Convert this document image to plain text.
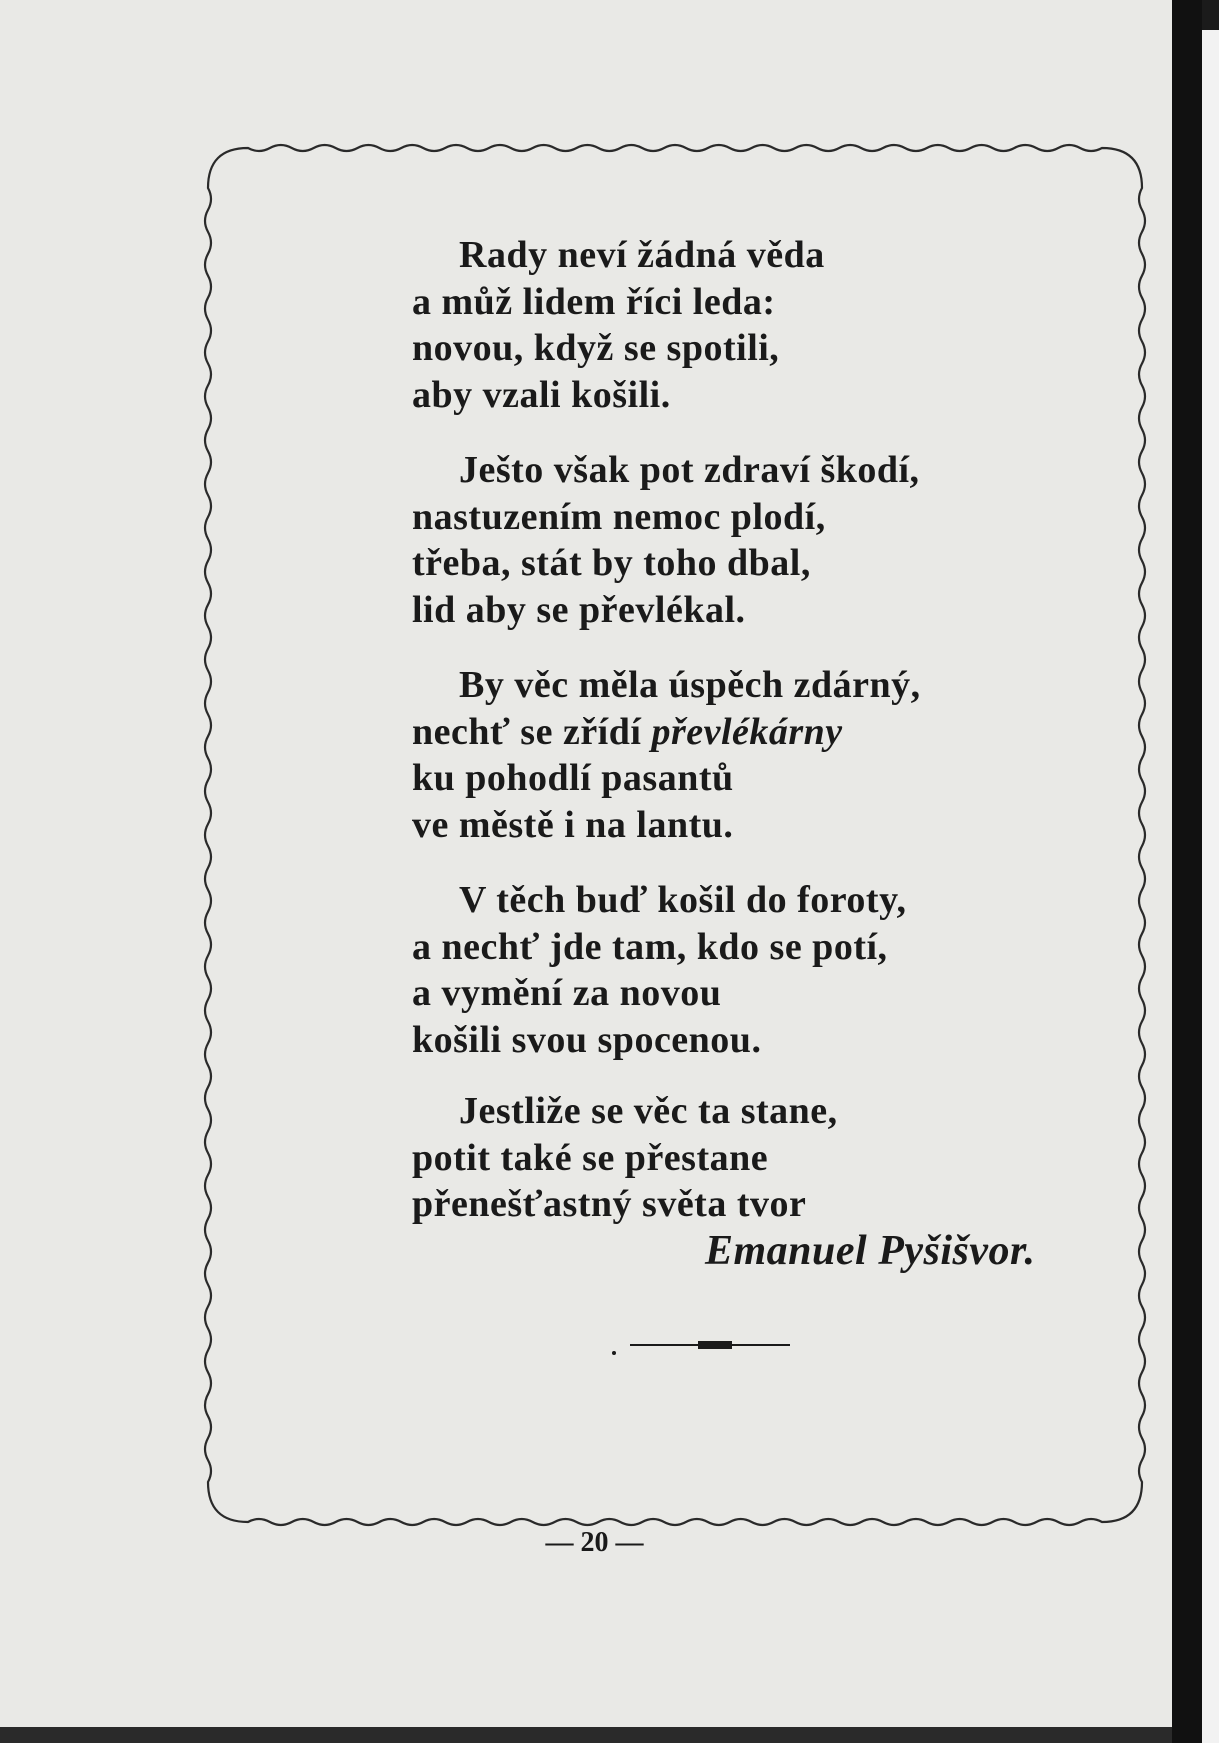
Rady neví žádná věda
a můž lidem říci leda:
novou, když se spotili,
aby vzali košili.
Ješto však pot zdraví škodí,
nastuzením nemoc plodí,
třeba, stát by toho dbal,
lid aby se převlékal.
By věc měla úspěch zdárný,
nechť se zřídí převlékárny
ku pohodlí pasantů
ve městě i na lantu.
V těch buď košil do foroty,
a nechť jde tam, kdo se potí,
a vymění za novou
košili svou spocenou.
Jestliže se věc ta stane,
potit také se přestane
přenešťastný světa tvor
Emanuel Pyšišvor.
— 20 —
